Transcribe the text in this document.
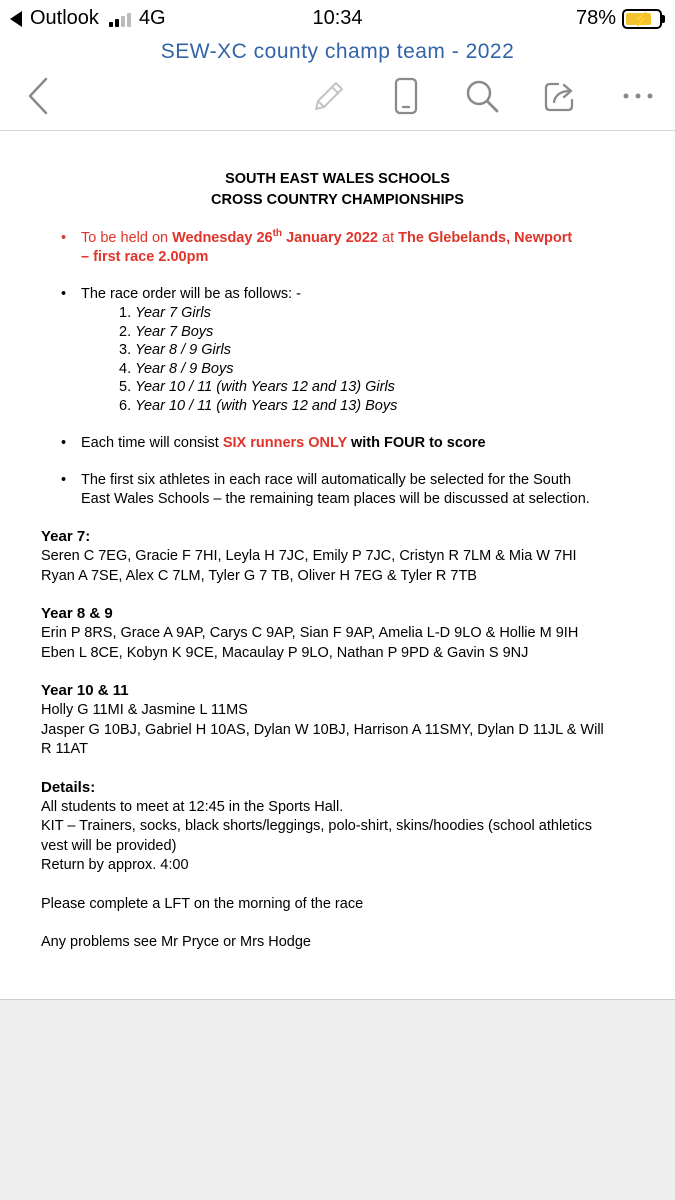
Outlook 4G	10:34	78%	⚡
SEW-XC county champ team - 2022
SOUTH EAST WALES SCHOOLS
CROSS COUNTRY CHAMPIONSHIPS
• To be held on Wednesday 26th January 2022 at The Glebelands, Newport
– first race 2.00pm
• The race order will be as follows: -
1. Year 7 Girls
2. Year 7 Boys
3. Year 8 / 9 Girls
4. Year 8 / 9 Boys
5. Year 10 / 11 (with Years 12 and 13) Girls
6. Year 10 / 11 (with Years 12 and 13) Boys
• Each time will consist SIX runners ONLY with FOUR to score
• The first six athletes in each race will automatically be selected for the South
East Wales Schools – the remaining team places will be discussed at selection.
Year 7:
Seren C 7EG, Gracie F 7HI, Leyla H 7JC, Emily P 7JC, Cristyn R 7LM & Mia W 7HI
Ryan A 7SE, Alex C 7LM, Tyler G 7 TB, Oliver H 7EG & Tyler R 7TB
Year 8 & 9
Erin P 8RS, Grace A 9AP, Carys C 9AP, Sian F 9AP, Amelia L-D 9LO & Hollie M 9IH
Eben L 8CE, Kobyn K 9CE, Macaulay P 9LO, Nathan P 9PD & Gavin S 9NJ
Year 10 & 11
Holly G 11MI & Jasmine L 11MS
Jasper G 10BJ, Gabriel H 10AS, Dylan W 10BJ, Harrison A 11SMY, Dylan D 11JL & Will
R 11AT
Details:
All students to meet at 12:45 in the Sports Hall.
KIT – Trainers, socks, black shorts/leggings, polo-shirt, skins/hoodies (school athletics
vest will be provided)
Return by approx. 4:00
Please complete a LFT on the morning of the race
Any problems see Mr Pryce or Mrs Hodge
